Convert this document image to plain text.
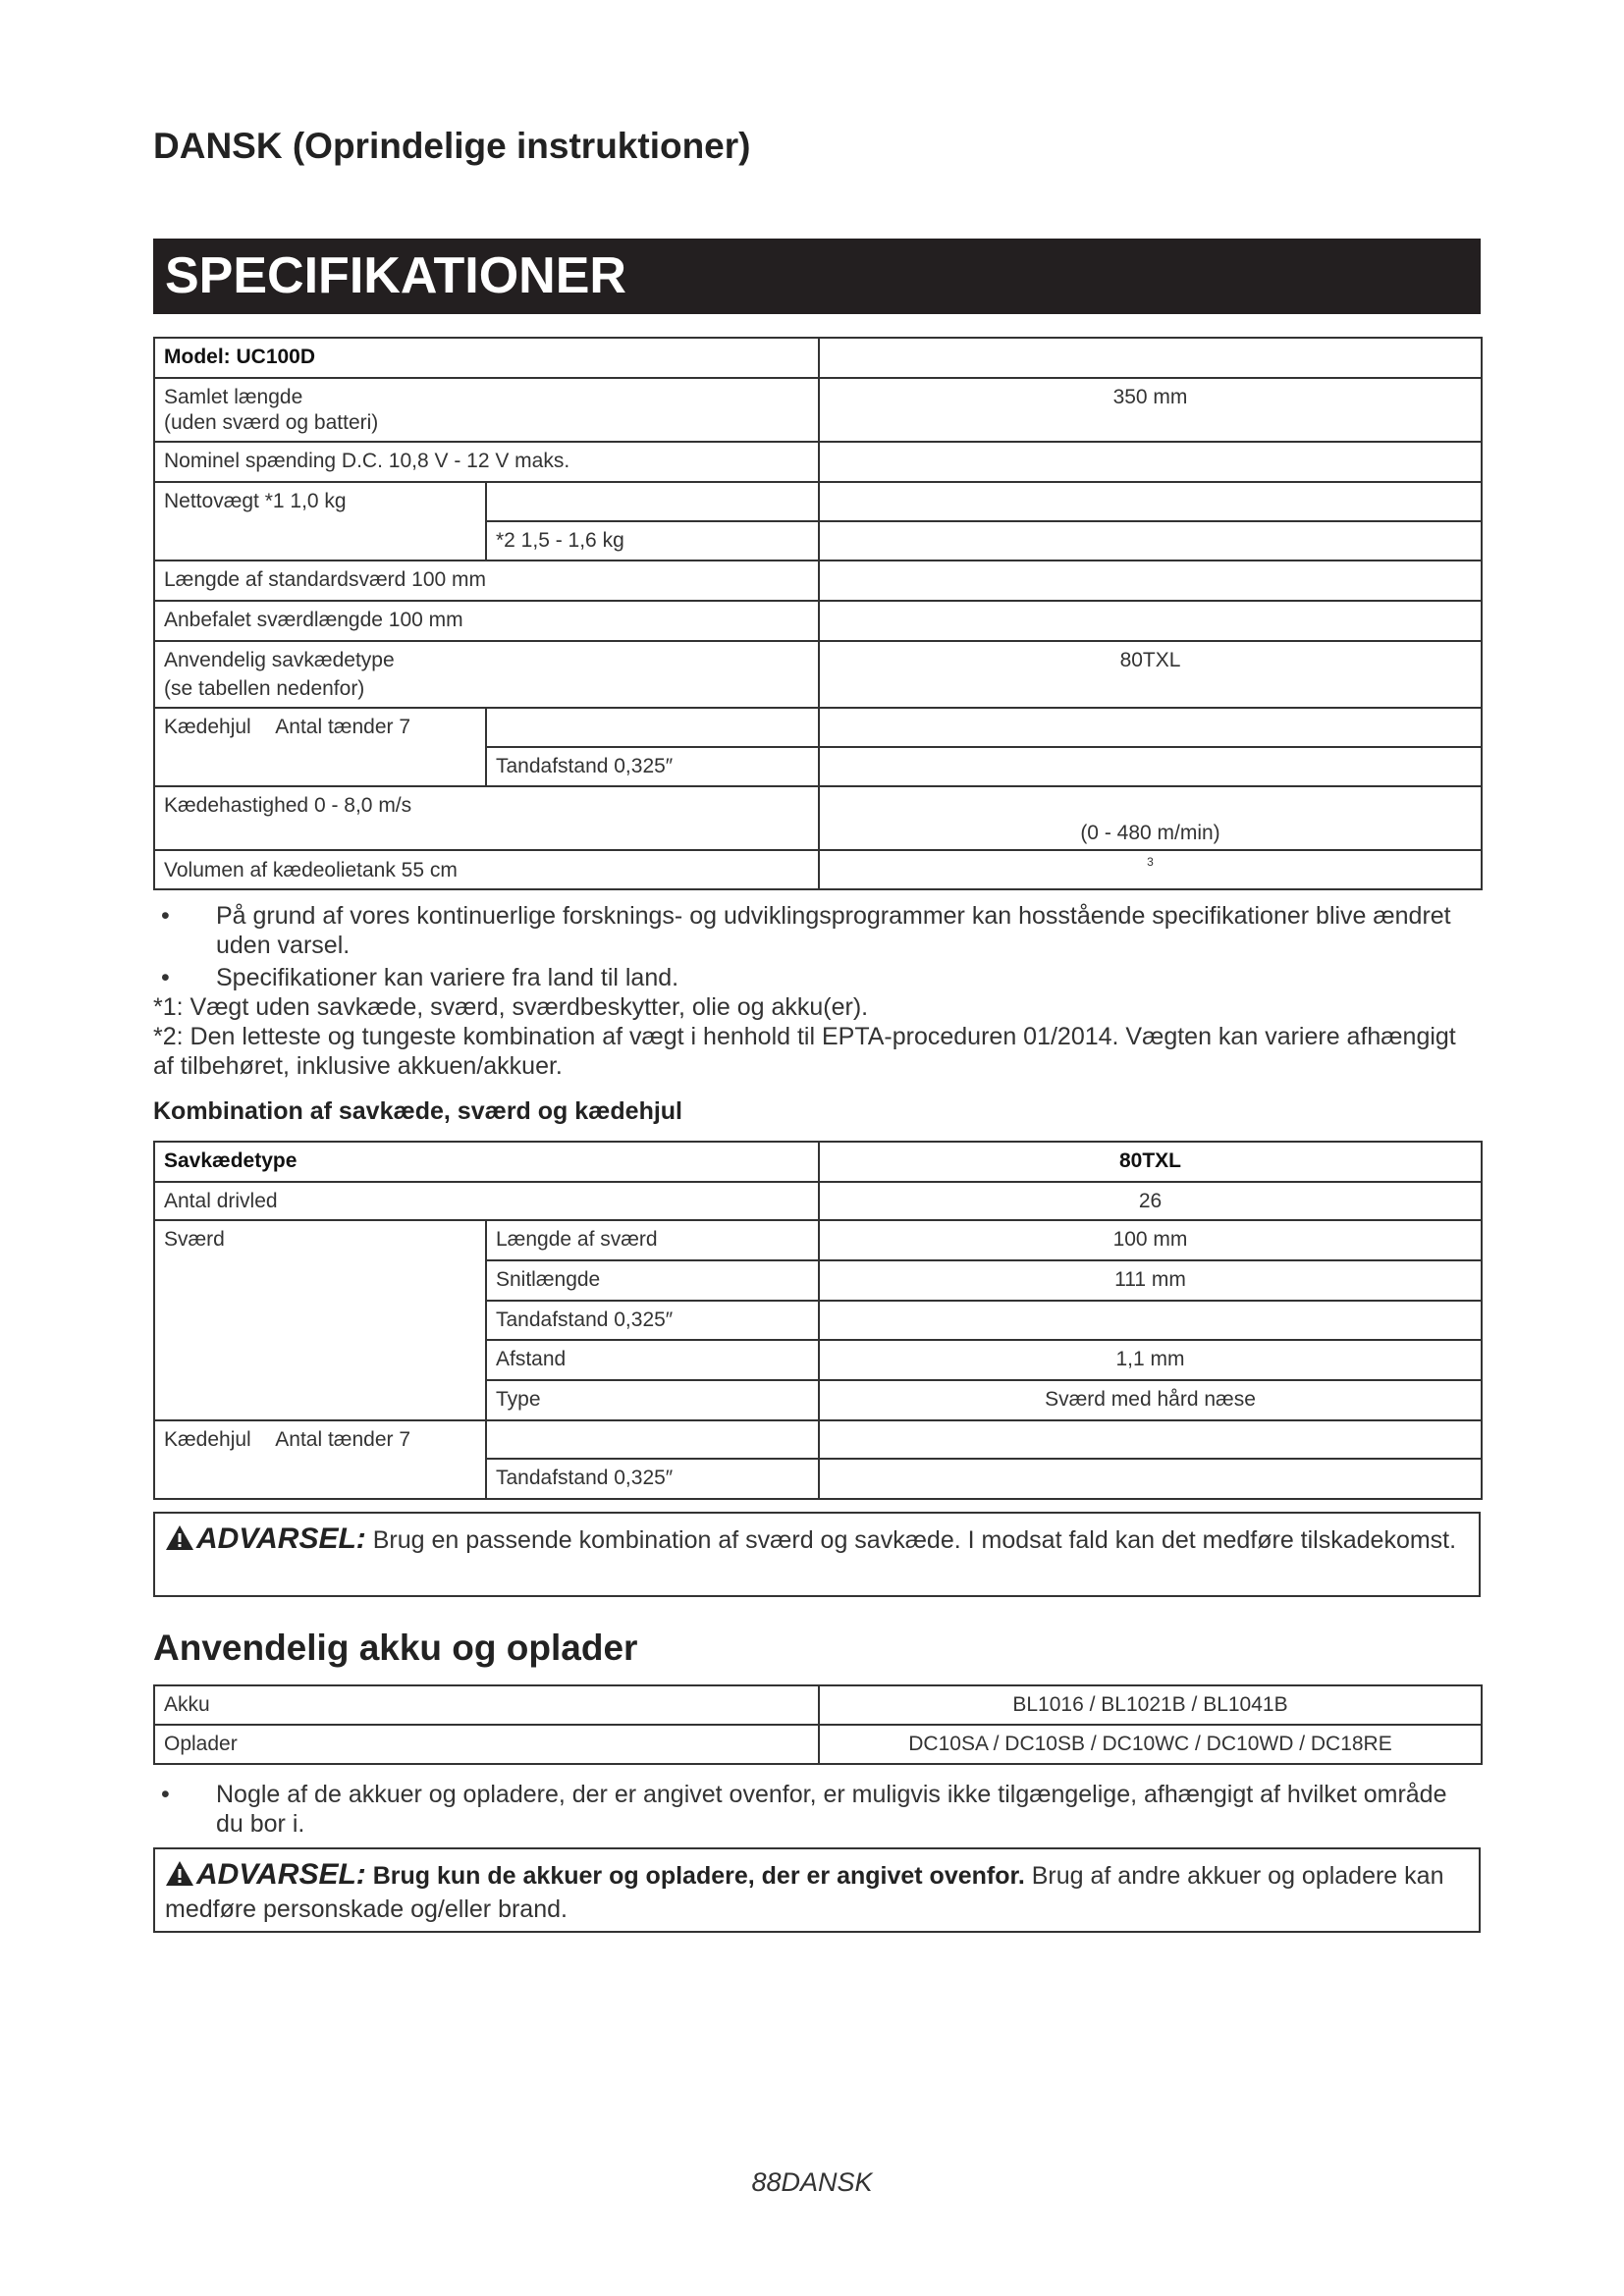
DANSK (Oprindelige instruktioner)
SPECIFIKATIONER
Model: UC100D		

Samlet længde
(uden sværd og batteri)		350 mm
Nominel spænding D.C. 10,8 V - 12 V maks.		
Nettovægt *1 1,0 kg		
	*2 1,5 - 1,6 kg	
Længde af standardsværd 100 mm		
Anbefalet sværdlængde 100 mm		

Anvendelig savkædetype
(se tabellen nedenfor)		80TXL
Kædehjul Antal tænder 7		
	Tandafstand 0,325″	
Kædehastighed 0 - 8,0 m/s		(0 - 480 m/min)
Volumen af kædeolietank 55 cm		3
• På grund af vores kontinuerlige forsknings- og udviklingsprogrammer kan hosstående specifikationer blive ændret uden varsel.
• Specifikationer kan variere fra land til land.
*1: Vægt uden savkæde, sværd, sværdbeskytter, olie og akku(er).
*2: Den letteste og tungeste kombination af vægt i henhold til EPTA-proceduren 01/2014. Vægten kan variere afhængigt af tilbehøret, inklusive akkuen/akkuer.
Kombination af savkæde, sværd og kædehjul
Savkædetype		80TXL
Antal drivled		26
Sværd	Længde af sværd	100 mm
	Snitlængde	111 mm
	Tandafstand 0,325″	
	Afstand	1,1 mm
	Type	Sværd med hård næse
Kædehjul Antal tænder 7		
	Tandafstand 0,325″	
ADVARSEL: Brug en passende kombination af sværd og savkæde. I modsat fald kan det medføre tilskadekomst.
Anvendelig akku og oplader
Akku	BL1016 / BL1021B / BL1041B
Oplader	DC10SA / DC10SB / DC10WC / DC10WD / DC18RE
• Nogle af de akkuer og opladere, der er angivet ovenfor, er muligvis ikke tilgængelige, afhængigt af hvilket område du bor i.
ADVARSEL: Brug kun de akkuer og opladere, der er angivet ovenfor. Brug af andre akkuer og opladere kan medføre personskade og/eller brand.
88DANSK
